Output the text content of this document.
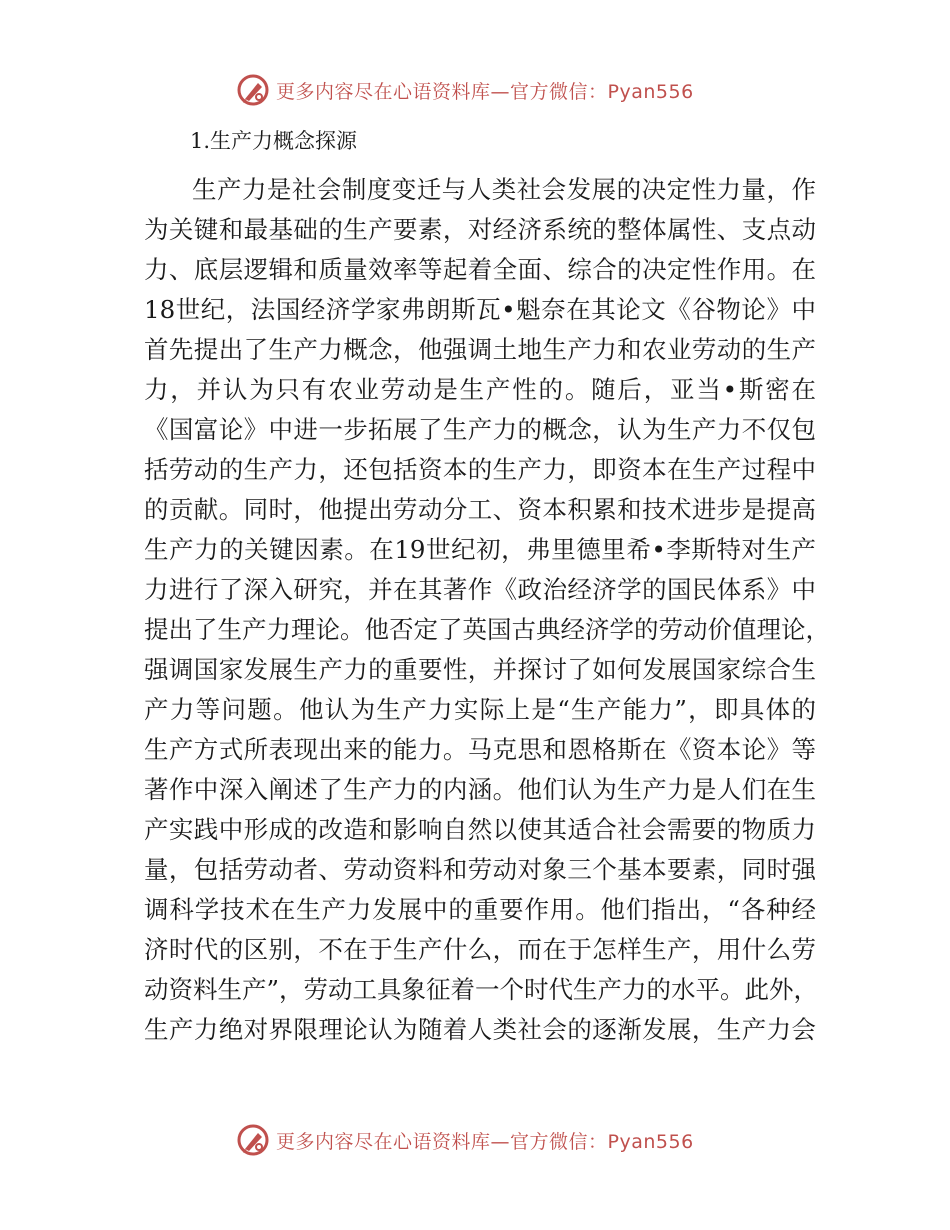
更多内容尽在心语资料库—官方微信：Pyan556
1.生产力概念探源
生产力是社会制度变迁与人类社会发展的决定性力量，作
为关键和最基础的生产要素，对经济系统的整体属性、支点动
力、底层逻辑和质量效率等起着全面、综合的决定性作用。在
18世纪，法国经济学家弗朗斯瓦•魁奈在其论文《谷物论》中
首先提出了生产力概念，他强调土地生产力和农业劳动的生产
力，并认为只有农业劳动是生产性的。随后，亚当•斯密在
《国富论》中进一步拓展了生产力的概念，认为生产力不仅包
括劳动的生产力，还包括资本的生产力，即资本在生产过程中
的贡献。同时，他提出劳动分工、资本积累和技术进步是提高
生产力的关键因素。在19世纪初，弗里德里希•李斯特对生产
力进行了深入研究，并在其著作《政治经济学的国民体系》中
提出了生产力理论。他否定了英国古典经济学的劳动价值理论，
强调国家发展生产力的重要性，并探讨了如何发展国家综合生
产力等问题。他认为生产力实际上是“生产能力”，即具体的
生产方式所表现出来的能力。马克思和恩格斯在《资本论》等
著作中深入阐述了生产力的内涵。他们认为生产力是人们在生
产实践中形成的改造和影响自然以使其适合社会需要的物质力
量，包括劳动者、劳动资料和劳动对象三个基本要素，同时强
调科学技术在生产力发展中的重要作用。他们指出，“各种经
济时代的区别，不在于生产什么，而在于怎样生产，用什么劳
动资料生产”，劳动工具象征着一个时代生产力的水平。此外，
生产力绝对界限理论认为随着人类社会的逐渐发展，生产力会
更多内容尽在心语资料库—官方微信：Pyan556
